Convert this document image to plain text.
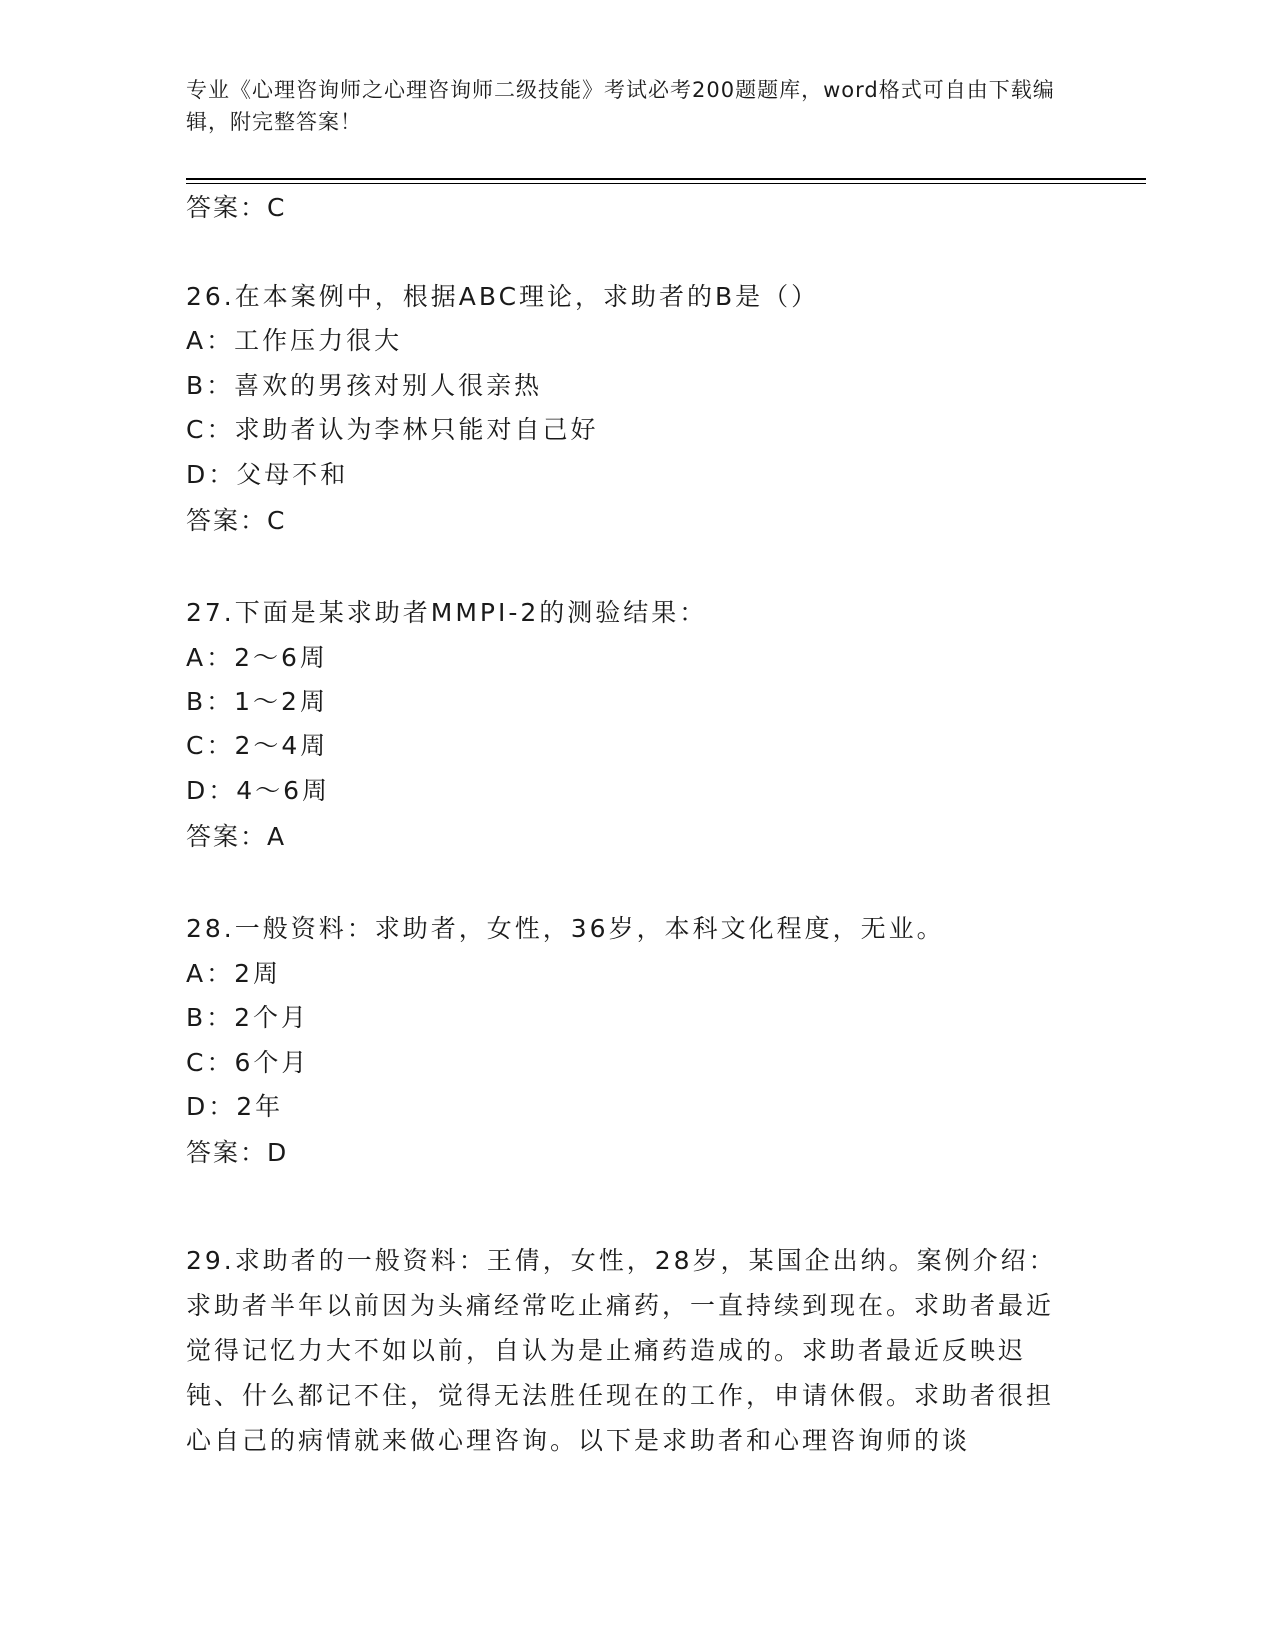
专业《心理咨询师之心理咨询师二级技能》考试必考200题题库，word格式可自由下载编辑，附完整答案！

答案：C

26.在本案例中，根据ABC理论，求助者的B是（）

A：工作压力很大

B：喜欢的男孩对别人很亲热

C：求助者认为李林只能对自己好

D：父母不和

答案：C

27.下面是某求助者MMPI-2的测验结果：

A：2～6周

B：1～2周

C：2～4周

D：4～6周

答案：A

28.一般资料：求助者，女性，36岁，本科文化程度，无业。

A：2周

B：2个月

C：6个月

D：2年

答案：D

29.求助者的一般资料：王倩，女性，28岁，某国企出纳。案例介绍：求助者半年以前因为头痛经常吃止痛药，一直持续到现在。求助者最近觉得记忆力大不如以前，自认为是止痛药造成的。求助者最近反映迟钝、什么都记不住，觉得无法胜任现在的工作，申请休假。求助者很担心自己的病情就来做心理咨询。以下是求助者和心理咨询师的谈
